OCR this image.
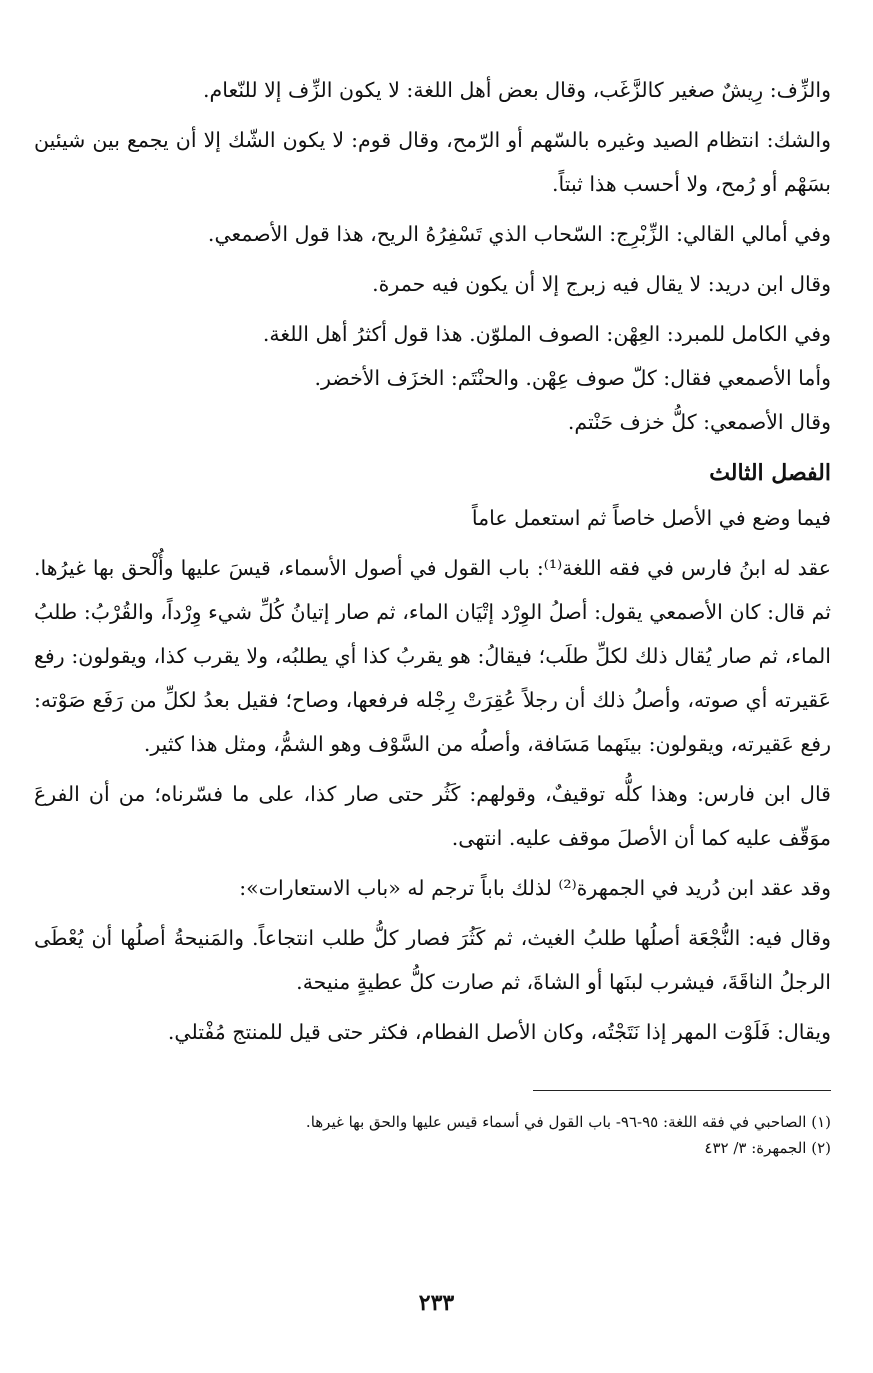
والزِّف: رِيشٌ صغير كالزَّغَب، وقال بعض أهل اللغة: لا يكون الزِّف إلا للنّعام.

والشك: انتظام الصيد وغيره بالسّهم أو الرّمح، وقال قوم: لا يكون الشّك إلا أن يجمع بين شيئين بسَهْم أو رُمح، ولا أحسب هذا ثبتاً.

وفي أمالي القالي: الزِّبْرِج: السّحاب الذي تَسْفِرُهُ الريح، هذا قول الأصمعي.

وقال ابن دريد: لا يقال فيه زبرج إلا أن يكون فيه حمرة.

وفي الكامل للمبرد: العِهْن: الصوف الملوّن. هذا قول أكثرُ أهل اللغة.

وأما الأصمعي فقال: كلّ صوف عِهْن. والحنْتَم: الخزَف الأخضر.

وقال الأصمعي: كلُّ خزف حَنْتم.

الفصل الثالث

فيما وضع في الأصل خاصاً ثم استعمل عاماً

عقد له ابنُ فارس في فقه اللغة⁽¹⁾: باب القول في أصول الأسماء، قيسَ عليها وأُلْحق بها غيرُها. ثم قال: كان الأصمعي يقول: أصلُ الوِرْد إتْيَان الماء، ثم صار إتيانُ كُلِّ شيء وِرْداً، والقُرْبُ: طلبُ الماء، ثم صار يُقال ذلك لكلِّ طلَب؛ فيقالُ: هو يقربُ كذا أي يطلبُه، ولا يقرب كذا، ويقولون: رفع عَقيرته أي صوته، وأصلُ ذلك أن رجلاً عُقِرَتْ رِجْله فرفعها، وصاح؛ فقيل بعدُ لكلِّ من رَفَع صَوْته: رفع عَقيرته، ويقولون: بينَهما مَسَافة، وأصلُه من السَّوْف وهو الشمُّ، ومثل هذا كثير.

قال ابن فارس: وهذا كلُّه توقيفٌ، وقولهم: كَثُر حتى صار كذا، على ما فسّرناه؛ من أن الفرعَ موَقّف عليه كما أن الأصلَ موقف عليه. انتهى.

وقد عقد ابن دُريد في الجمهرة⁽²⁾ لذلك باباً ترجم له «باب الاستعارات»:

وقال فيه: النُّجْعَة أصلُها طلبُ الغيث، ثم كَثُرَ فصار كلُّ طلب انتجاعاً. والمَنيحةُ أصلُها أن يُعْطَى الرجلُ الناقَةَ، فيشرب لبنَها أو الشاةَ، ثم صارت كلُّ عطيةٍ منيحة.

ويقال: فَلَوْت المهر إذا نَتَجْتُه، وكان الأصل الفطام، فكثر حتى قيل للمنتج مُفْتلي.

(١) الصاحبي في فقه اللغة: ٩٥-٩٦- باب القول في أسماء قيس عليها والحق بها غيرها.

(٢) الجمهرة: ٣/ ٤٣٢

٢٣٣
